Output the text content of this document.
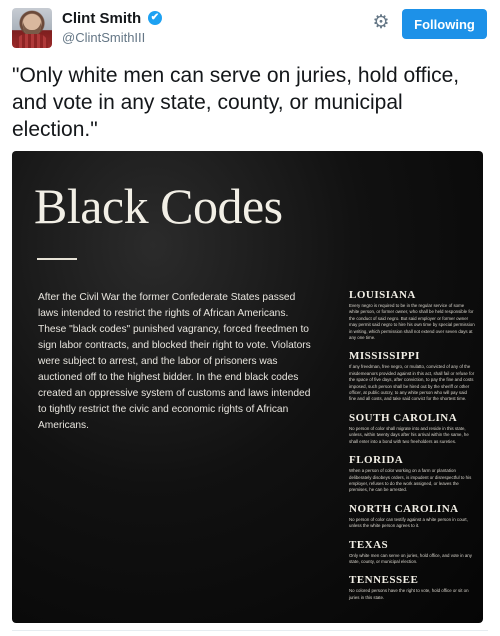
Clint Smith ✔
@ClintSmithIII
⚙	Following
"Only white men can serve on juries, hold office, and vote in any state, county, or municipal election."
Black Codes
After the Civil War the former Confederate States passed laws intended to restrict the rights of African Americans. These "black codes" punished vagrancy, forced freedmen to sign labor contracts, and blocked their right to vote. Violators were subject to arrest, and the labor of prisoners was auctioned off to the highest bidder. In the end black codes created an oppressive system of customs and laws intended to tightly restrict the civic and economic rights of African Americans.
LOUISIANA
Every negro is required to be in the regular service of some white person, or former owner, who shall be held responsible for the conduct of said negro. But said employer or former owner may permit said negro to hire his own time by special permission in writing, which permission shall not extend over seven days at any one time.
MISSISSIPPI
If any freedman, free negro, or mulatto, convicted of any of the misdemeanors provided against in this act, shall fail or refuse for the space of five days, after conviction, to pay the fine and costs imposed, such person shall be hired out by the sheriff or other officer, at public outcry, to any white person who will pay said fine and all costs, and take said convict for the shortest time.
SOUTH CAROLINA
No person of color shall migrate into and reside in this state, unless, within twenty days after his arrival within the same, he shall enter into a bond with two freeholders as sureties.
FLORIDA
When a person of color working on a farm or plantation deliberately disobeys orders, is impudent or disrespectful to his employer, refuses to do the work assigned, or leaves the premises, he can be arrested.
NORTH CAROLINA
No person of color can testify against a white person in court, unless the white person agrees to it.
TEXAS
Only white men can serve on juries, hold office, and vote in any state, county, or municipal election.
TENNESSEE
No colored persons have the right to vote, hold office or sit on juries in this state.
